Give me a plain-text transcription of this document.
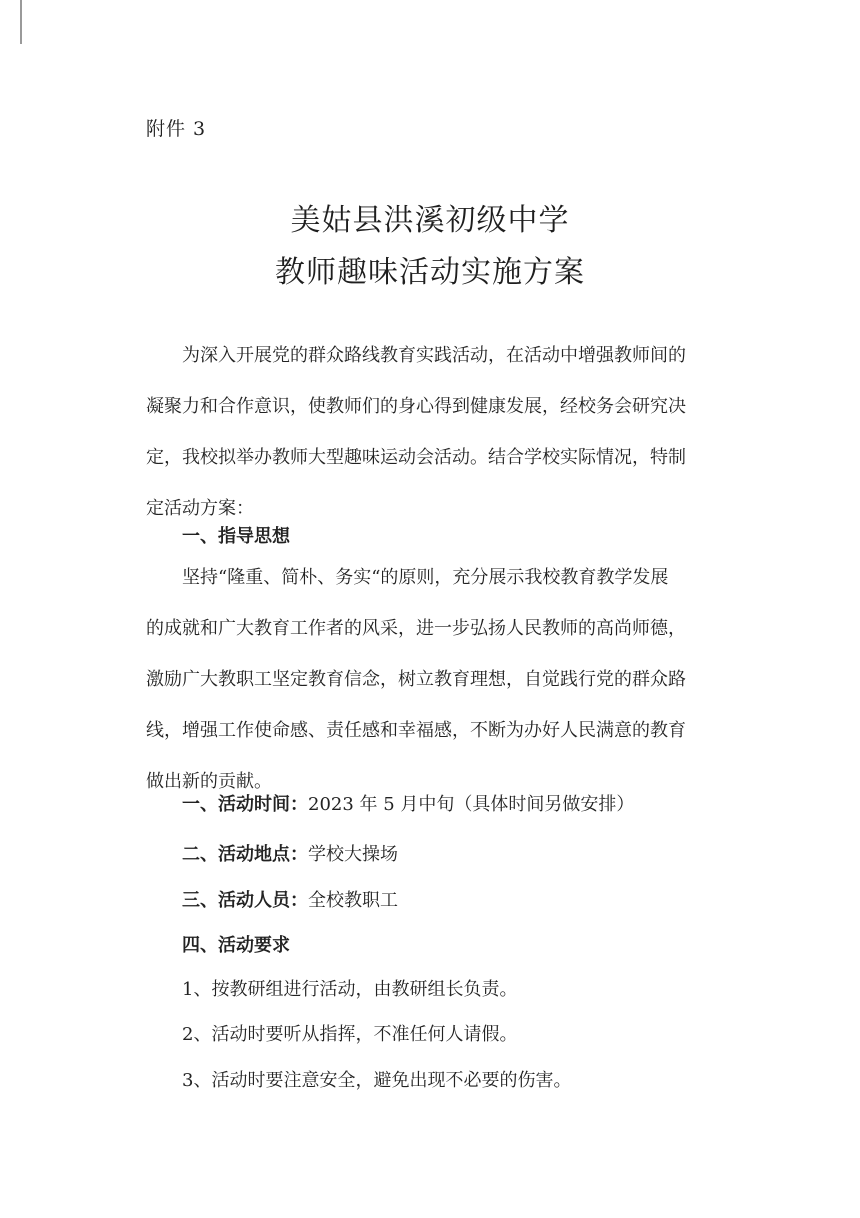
附件 3
美姑县洪溪初级中学
教师趣味活动实施方案

为深入开展党的群众路线教育实践活动，在活动中增强教师间的
凝聚力和合作意识，使教师们的身心得到健康发展，经校务会研究决
定，我校拟举办教师大型趣味运动会活动。结合学校实际情况，特制
定活动方案：

一、指导思想

坚持“隆重、简朴、务实“的原则，充分展示我校教育教学发展
的成就和广大教育工作者的风采，进一步弘扬人民教师的高尚师德，
激励广大教职工坚定教育信念，树立教育理想，自觉践行党的群众路
线，增强工作使命感、责任感和幸福感，不断为办好人民满意的教育
做出新的贡献。

一、活动时间：2023 年 5 月中旬（具体时间另做安排）
二、活动地点：学校大操场
三、活动人员：全校教职工
四、活动要求
1、按教研组进行活动，由教研组长负责。
2、活动时要听从指挥，不准任何人请假。
3、活动时要注意安全，避免出现不必要的伤害。
